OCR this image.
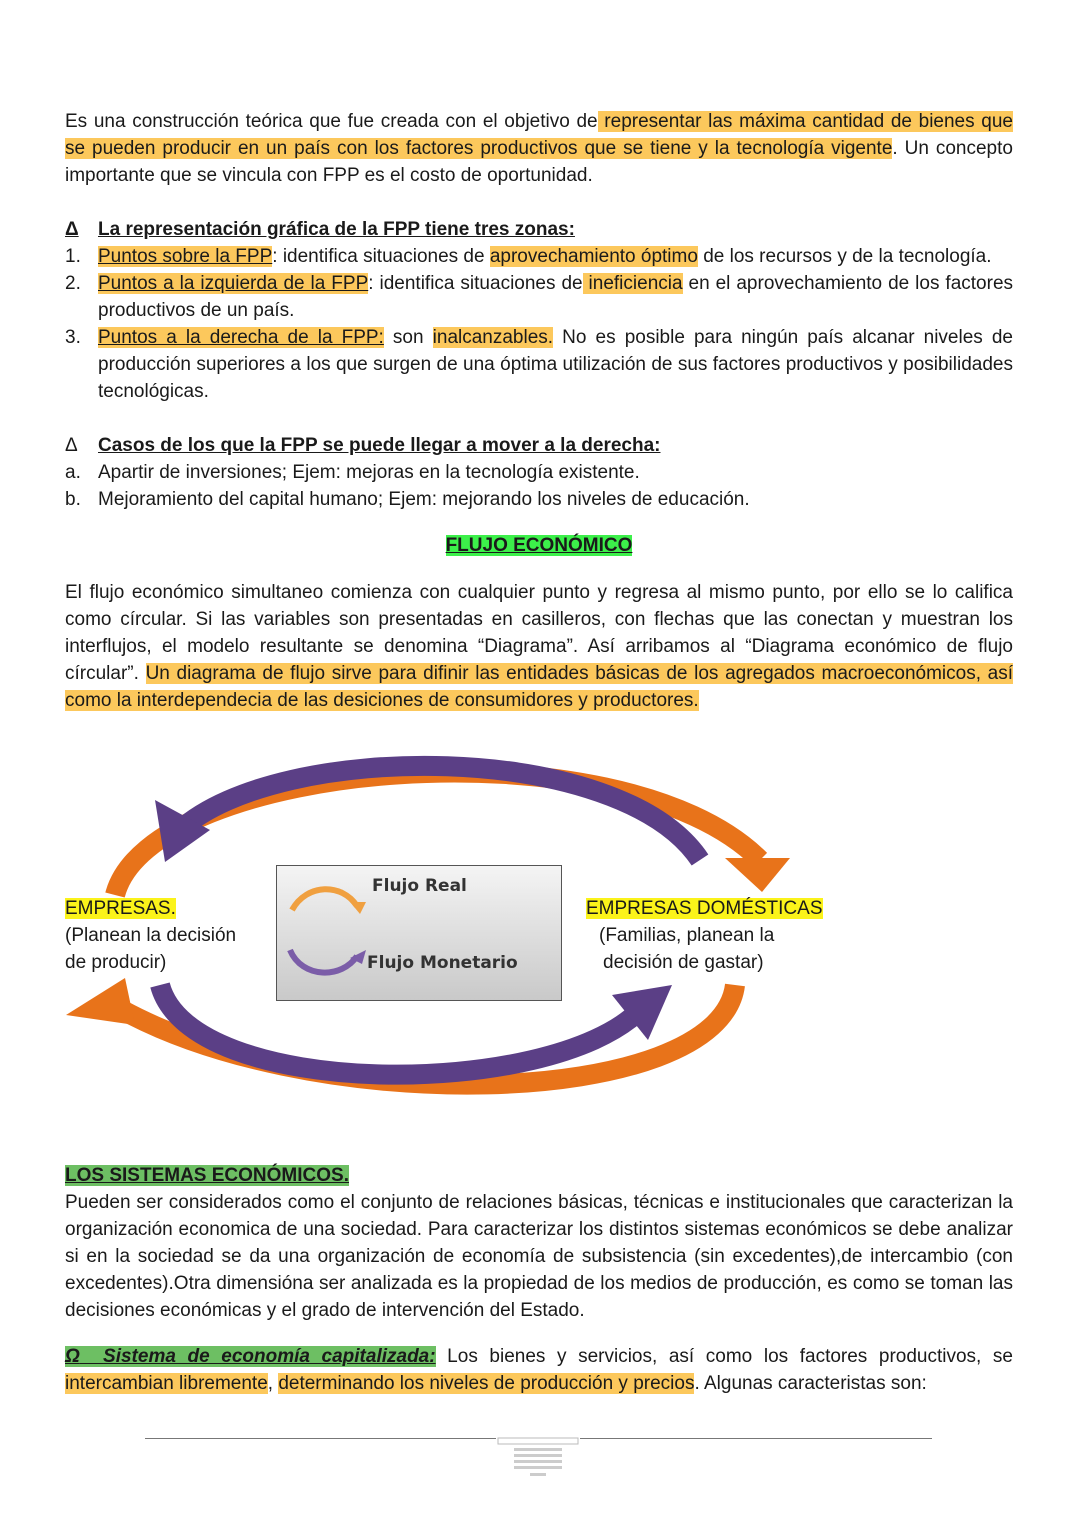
Es una construcción teórica que fue creada con el objetivo de representar las máxima cantidad de bienes que se pueden producir en un país con los factores productivos que se tiene y la tecnología vigente. Un concepto importante que se vincula con FPP es el costo de oportunidad.

Δ	La representación gráfica de la FPP tiene tres zonas:
1. Puntos sobre la FPP: identifica situaciones de aprovechamiento óptimo de los recursos y de la tecnología.
2. Puntos a la izquierda de la FPP: identifica situaciones de ineficiencia en el aprovechamiento de los factores productivos de un país.
3. Puntos a la derecha de la FPP: son inalcanzables. No es posible para ningún país alcanar niveles de producción superiores a los que surgen de una óptima utilización de sus factores productivos y posibilidades tecnológicas.
Δ	Casos de los que la FPP se puede llegar a mover a la derecha:
a. Apartir de inversiones; Ejem: mejoras en la tecnología existente.
b. Mejoramiento del capital humano; Ejem: mejorando los niveles de educación.
FLUJO ECONÓMICO

El flujo económico simultaneo comienza con cualquier punto y regresa al mismo punto, por ello se lo califica como círcular. Si las variables son presentadas en casilleros, con flechas que las conectan y muestran los interflujos, el modelo resultante se denomina “Diagrama”. Así arribamos al “Diagrama económico de flujo círcular”. Un diagrama de flujo sirve para difinir las entidades básicas de los agregados macroeconómicos, así como la interdependecia de las desiciones de consumidores y productores.

Flujo Real
Flujo Monetario
EMPRESAS.
(Planean la decisión
de producir)
EMPRESAS DOMÉSTICAS
(Familias, planean la
decisión de gastar)
LOS SISTEMAS ECONÓMICOS.

Pueden ser considerados como el conjunto de relaciones básicas, técnicas e institucionales que caracterizan la organización economica de una sociedad. Para caracterizar los distintos sistemas económicos se debe analizar si en la sociedad se da una organización de economía de subsistencia (sin excedentes),de intercambio (con excedentes).Otra dimensióna ser analizada es la propiedad de los medios de producción, es como se toman las decisiones económicas y el grado de intervención del Estado.

Ω Sistema de economía capitalizada: Los bienes y servicios, así como los factores productivos, se intercambian libremente, determinando los niveles de producción y precios. Algunas caracteristas son:
